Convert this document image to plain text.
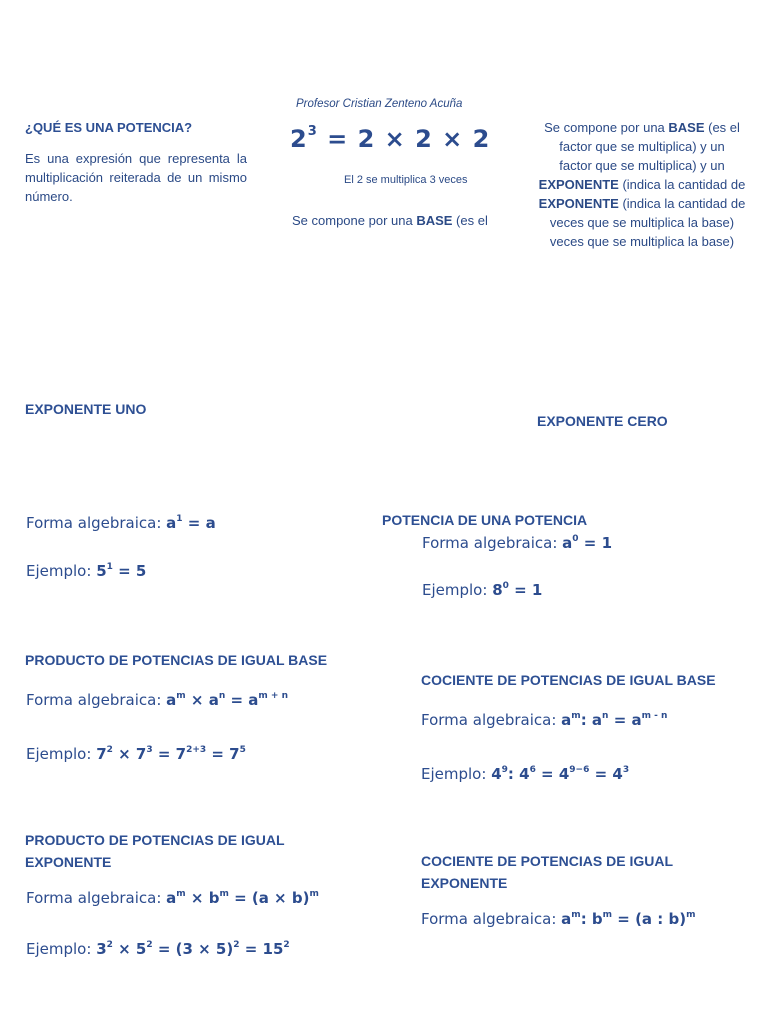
Profesor Cristian Zenteno Acuña
¿QUÉ ES UNA POTENCIA?
Es una expresión que representa la multiplicación reiterada de un mismo número.
$2^3 = 2 \times 2 \times 2$
El 2 se multiplica 3 veces
Se compone por una BASE (es el
Se compone por una BASE (es el
factor que se multiplica) y un
factor que se multiplica) y un
EXPONENTE (indica la cantidad de
EXPONENTE (indica la cantidad de
veces que se multiplica la base)
veces que se multiplica la base)
EXPONENTE UNO
Forma algebraica: $a^1 = a$
Ejemplo: $5^1 = 5$
EXPONENTE CERO
POTENCIA DE UNA POTENCIA
Forma algebraica: $a^0 = 1$
Ejemplo: $8^0 = 1$
PRODUCTO DE POTENCIAS DE IGUAL BASE
Forma algebraica: $a^m \times a^n = a^{m + n}$
Ejemplo: $7^2 \times 7^3 = 7^{2+3} = 7^5$
COCIENTE DE POTENCIAS DE IGUAL BASE
Forma algebraica: $a^m$: $a^n = a^{m - n}$
Ejemplo: $4^9$: $4^6 = 4^{9-6} = 4^3$
PRODUCTO DE POTENCIAS DE IGUAL
EXPONENTE
Forma algebraica: $a^m \times b^m = (a \times b)^m$
Ejemplo: $3^2 \times 5^2 = (3 \times 5)^2 = 15^2$
COCIENTE DE POTENCIAS DE IGUAL
EXPONENTE
Forma algebraica: $a^m$: $b^m = (a$ : b)$^m$
